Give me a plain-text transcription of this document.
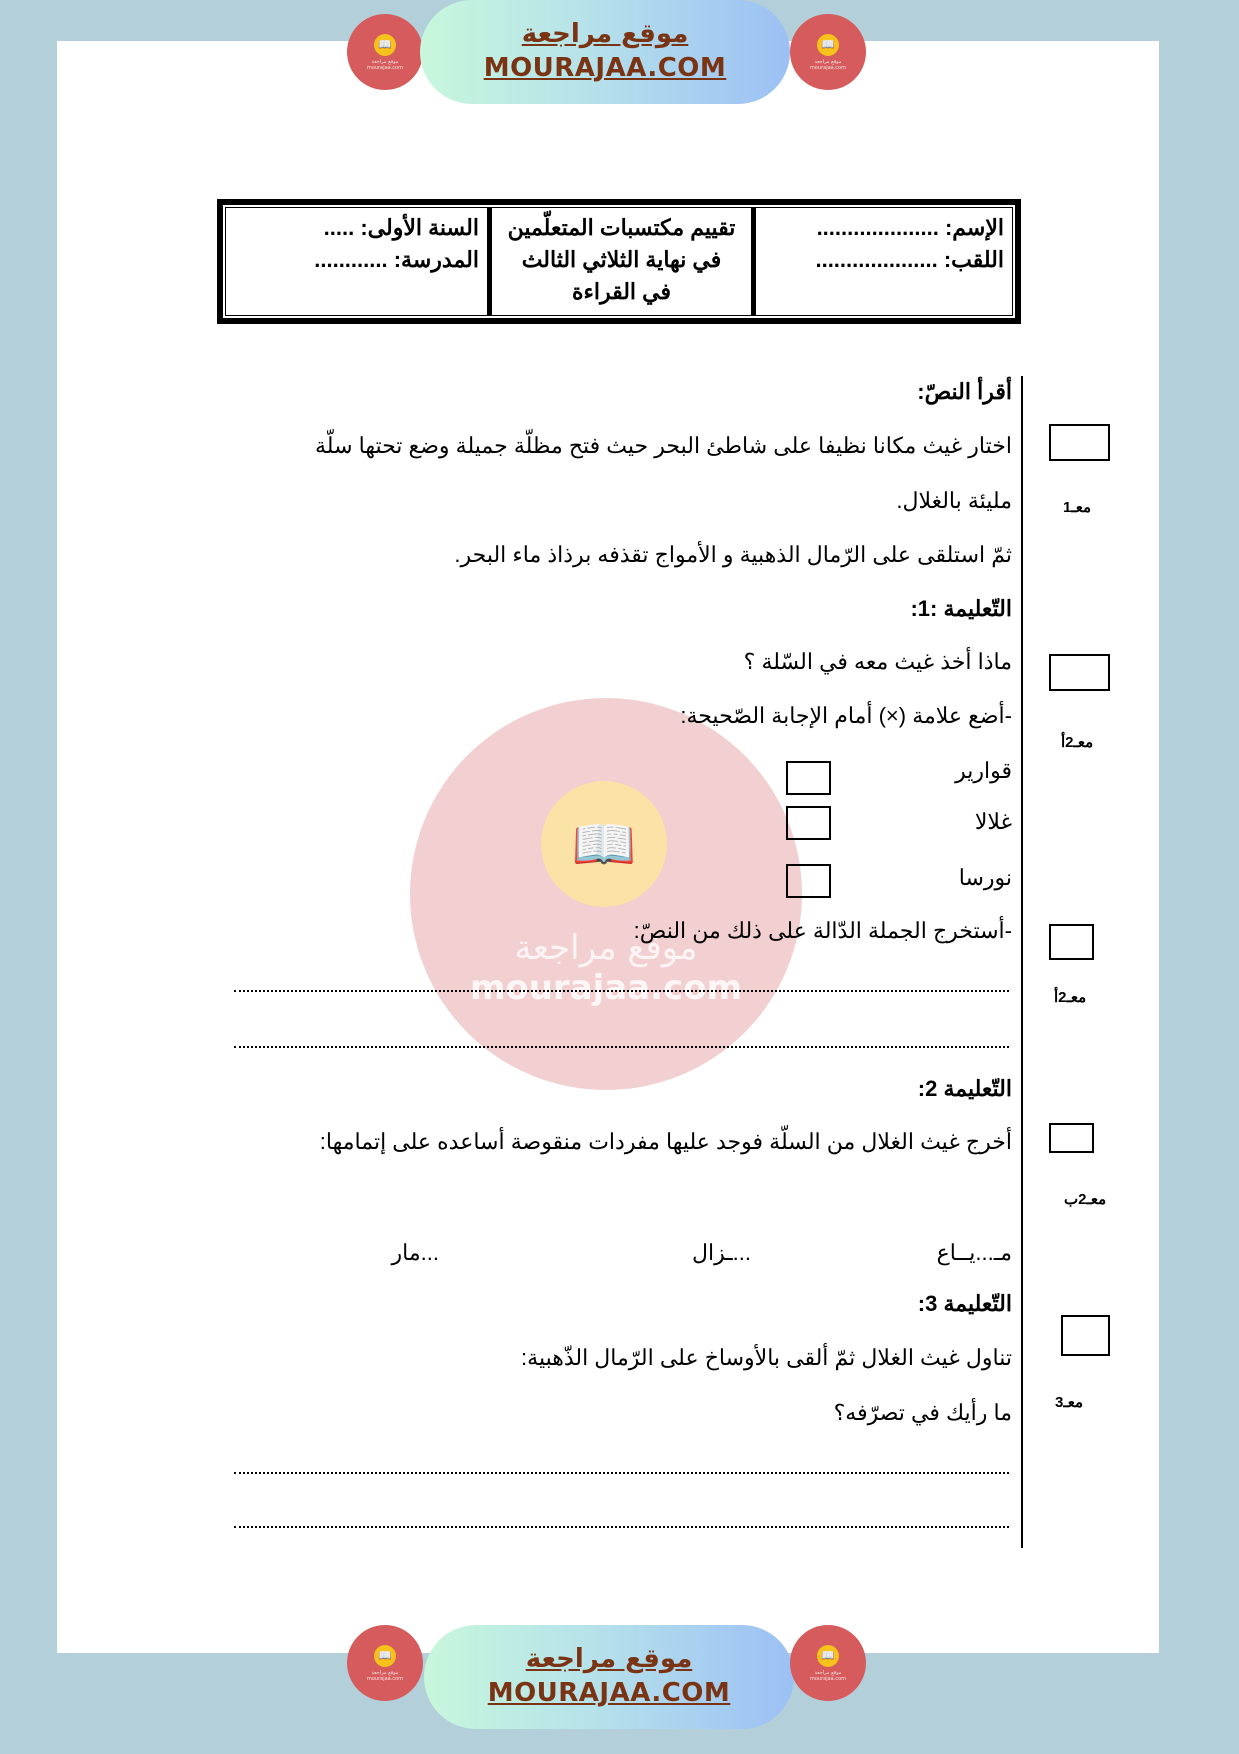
📖
موقع مراجعة
mourajaa.com
موقع مراجعة
MOURAJAA.COM
📖
موقع مراجعة
mourajaa.com
📖
موقع مراجعة
mourajaa.com
الإسم: ....................
اللقب: ....................
تقييم مكتسبات المتعلّمين
في نهاية الثلاثي الثالث
في القراءة
السنة الأولى: .....
المدرسة: ............
أقرأ النصّ:
اختار غيث مكانا نظيفا على شاطئ البحر حيث فتح مظلّة جميلة وضع تحتها سلّة
مليئة بالغلال.
ثمّ استلقى على الرّمال الذهبية و الأمواج تقذفه برذاذ ماء البحر.
التّعليمة :1:
ماذا أخذ غيث معه في السّلة ؟
-أضع علامة (×) أمام الإجابة الصّحيحة:
قوارير
غلالا
نورسا
-أستخرج الجملة الدّالة على ذلك من النصّ:
التّعليمة 2:
أخرج غيث الغلال من السلّة فوجد عليها مفردات منقوصة أساعده على إتمامها:
مـ...يــاع
...ـزال
...مار
التّعليمة 3:
تناول غيث الغلال ثمّ ألقى بالأوساخ على الرّمال الذّهبية:
ما رأيك في تصرّفه؟
معـ1
معـ2أ
معـ2أ
معـ2ب
معـ3
📖
موقع مراجعة
mourajaa.com
موقع مراجعة
MOURAJAA.COM
📖
موقع مراجعة
mourajaa.com
